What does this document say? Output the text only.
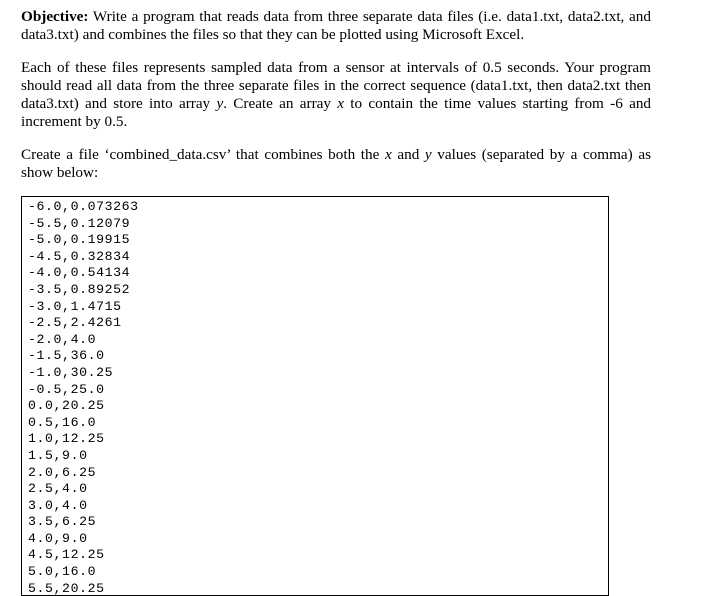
Objective: Write a program that reads data from three separate data files (i.e. data1.txt, data2.txt, and data3.txt) and combines the files so that they can be plotted using Microsoft Excel.

Each of these files represents sampled data from a sensor at intervals of 0.5 seconds. Your program should read all data from the three separate files in the correct sequence (data1.txt, then data2.txt then data3.txt) and store into array y. Create an array x to contain the time values starting from -6 and increment by 0.5.

Create a file ‘combined_data.csv’ that combines both the x and y values (separated by a comma) as show below:

-6.0,0.073263
-5.5,0.12079
-5.0,0.19915
-4.5,0.32834
-4.0,0.54134
-3.5,0.89252
-3.0,1.4715
-2.5,2.4261
-2.0,4.0
-1.5,36.0
-1.0,30.25
-0.5,25.0
0.0,20.25
0.5,16.0
1.0,12.25
1.5,9.0
2.0,6.25
2.5,4.0
3.0,4.0
3.5,6.25
4.0,9.0
4.5,12.25
5.0,16.0
5.5,20.25
